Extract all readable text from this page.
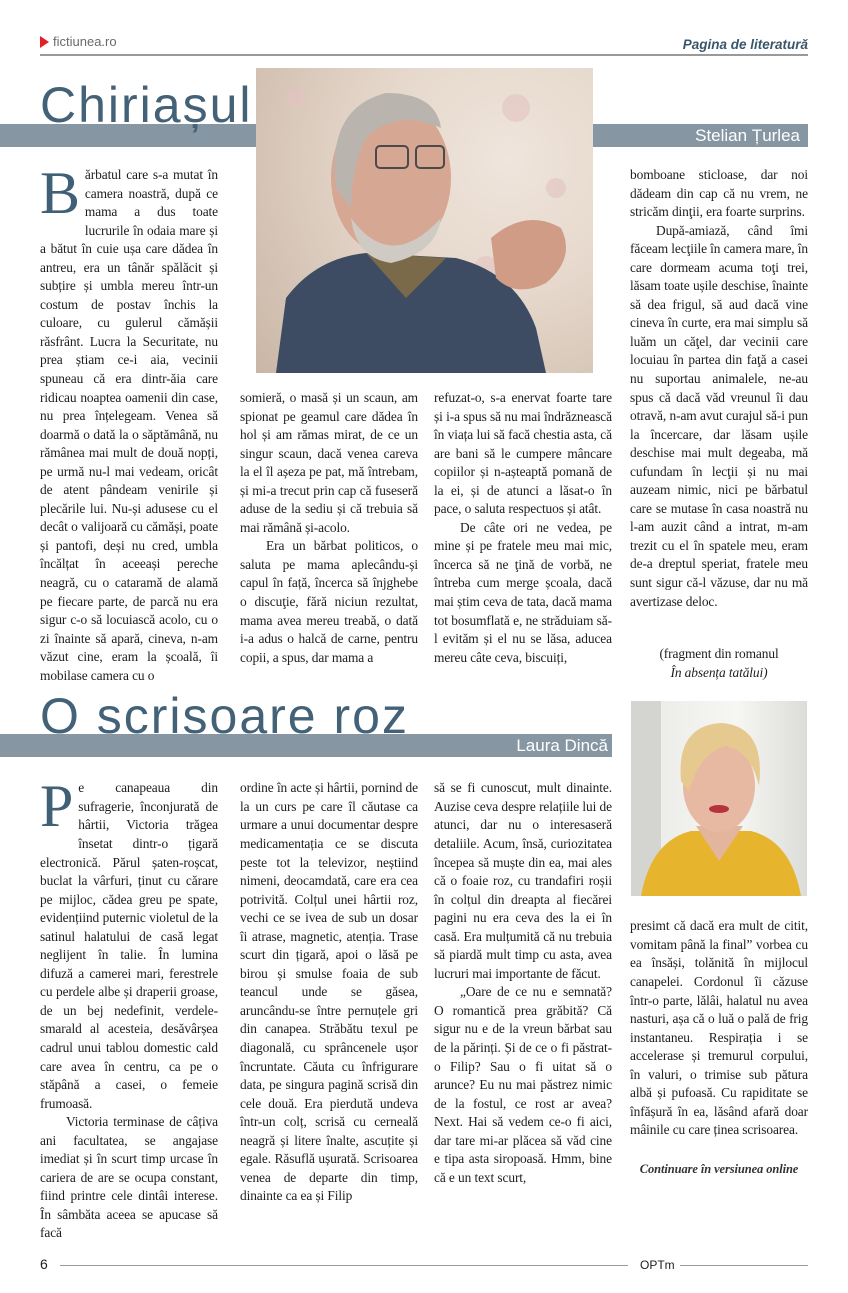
fictiunea.ro	Pagina de literatură
Chiriașul
Stelian Țurlea
B ărbatul care s-a mutat în camera noastră, după ce mama a dus toate lucrurile în odaia mare și a bătut în cuie ușa care dădea în antreu, era un tânăr spălăcit și subțire și umbla mereu într-un costum de postav închis la culoare, cu gulerul cămășii răsfrânt. Lucra la Securitate, nu prea știam ce-i aia, vecinii spuneau că era dintr-ăia care ridicau noaptea oamenii din case, nu prea înțelegeam. Venea să doarmă o dată la o săptămână, nu rămânea mai mult de două nopți, pe urmă nu-l mai vedeam, oricât de atent pândeam venirile și plecările lui. Nu-și adusese cu el decât o valijoară cu cămăși, poate și pantofi, deși nu cred, umbla încălțat în aceeași pereche neagră, cu o cataramă de alamă pe fiecare parte, de parcă nu era sigur c-o să locuiască acolo, cu o zi înainte să apară, cineva, n-am văzut cine, eram la școală, îi mobilase camera cu o

somieră, o masă și un scaun, am spionat pe geamul care dădea în hol și am rămas mirat, de ce un singur scaun, dacă venea careva la el îl așeza pe pat, mă întrebam, și mi-a trecut prin cap că fuseseră aduse de la sediu și că trebuia să mai rămână și-acolo.

Era un bărbat politicos, o saluta pe mama aplecându-și capul în față, încerca să înjghebe o discuţie, fără niciun rezultat, mama avea mereu treabă, o dată i-a adus o halcă de carne, pentru copii, a spus, dar mama a

refuzat-o, s-a enervat foarte tare și i-a spus să nu mai îndrăznească în viața lui să facă chestia asta, că are bani să le cumpere mâncare copiilor și n-așteaptă pomană de la ei, și de atunci a lăsat-o în pace, o saluta respectuos și atât.

De câte ori ne vedea, pe mine și pe fratele meu mai mic, încerca să ne ţină de vorbă, ne întreba cum merge școala, dacă mai știm ceva de tata, dacă mama tot bosumflată e, ne străduiam să-l evităm și el nu se lăsa, aducea mereu câte ceva, biscuiți,

bomboane sticloase, dar noi dădeam din cap că nu vrem, ne stricăm dinţii, era foarte surprins.

După-amiază, când îmi făceam lecţiile în camera mare, în care dormeam acuma toţi trei, lăsam toate ușile deschise, înainte să dea frigul, să aud dacă vine cineva în curte, era mai simplu să luăm un căţel, dar vecinii care locuiau în partea din faţă a casei nu suportau animalele, ne-au spus că dacă văd vreunul îi dau otravă, n-am avut curajul să-i pun la încercare, dar lăsam ușile deschise mai mult degeaba, mă cufundam în lecţii și nu mai auzeam nimic, nici pe bărbatul care se mutase în casa noastră nu l-am auzit când a intrat, m-am trezit cu el în spatele meu, eram de-a dreptul speriat, fratele meu sunt sigur că-l văzuse, dar nu mă avertizase deloc.

(fragment din romanul
În absența tatălui)
O scrisoare roz
Laura Dincă
P e canapeaua din sufragerie, înconjurată de hârtii, Victoria trăgea însetat dintr-o țigară electronică. Părul șaten-roșcat, buclat la vârfuri, ținut cu cărare pe mijloc, cădea greu pe spate, evidențiind puternic violetul de la satinul halatului de casă legat neglijent în talie. În lumina difuză a camerei mari, ferestrele cu perdele albe și draperii groase, de un bej nedefinit, verdele-smarald al acesteia, desăvârșea cadrul unui tablou domestic cald care avea în centru, ca pe o stăpână a casei, o femeie frumoasă.

Victoria terminase de câțiva ani facultatea, se angajase imediat și în scurt timp urcase în cariera de are se ocupa constant, fiind printre cele dintâi interese. În sâmbăta aceea se apucase să facă

ordine în acte și hârtii, pornind de la un curs pe care îl căutase ca urmare a unui documentar despre medicamentația ce se discuta peste tot la televizor, neștiind nimeni, deocamdată, care era cea potrivită. Colțul unei hârtii roz, vechi ce se ivea de sub un dosar îi atrase, magnetic, atenția. Trase scurt din țigară, apoi o lăsă pe birou și smulse foaia de sub teancul unde se găsea, aruncându-se între pernuțele gri din canapea. Străbătu texul pe diagonală, cu sprâncenele ușor încruntate. Căuta cu înfrigurare data, pe singura pagină scrisă din cele două. Era pierdută undeva într-un colț, scrisă cu cerneală neagră și litere înalte, ascuțite și egale. Răsuflă ușurată. Scrisoarea venea de departe din timp, dinainte ca ea și Filip

să se fi cunoscut, mult dinainte. Auzise ceva despre relațiile lui de atunci, dar nu o interesaseră detaliile. Acum, însă, curiozitatea începea să muște din ea, mai ales că o foaie roz, cu trandafiri roșii în colțul din dreapta al fiecărei pagini nu era ceva des la ei în casă. Era mulțumită că nu trebuia să piardă mult timp cu asta, avea lucruri mai importante de făcut.

„Oare de ce nu e semnată? O romantică prea grăbită? Că sigur nu e de la vreun bărbat sau de la părinți. Și de ce o fi păstrat-o Filip? Sau o fi uitat să o arunce? Eu nu mai păstrez nimic de la fostul, ce rost ar avea? Next. Hai să vedem ce-o fi aici, dar tare mi-ar plăcea să văd cine e tipa asta siropoasă. Hmm, bine că e un text scurt,

presimt că dacă era mult de citit, vomitam până la final” vorbea cu ea însăși, tolănită în mijlocul canapelei. Cordonul îi căzuse într-o parte, lălâi, halatul nu avea nasturi, așa că o luă o pală de frig instantaneu. Respirația i se accelerase și tremurul corpului, în valuri, o trimise sub pătura albă și pufoasă. Cu rapiditate se înfășură în ea, lăsând afară doar mâinile cu care ținea scrisoarea.

Continuare în versiunea online
6	OPTm
